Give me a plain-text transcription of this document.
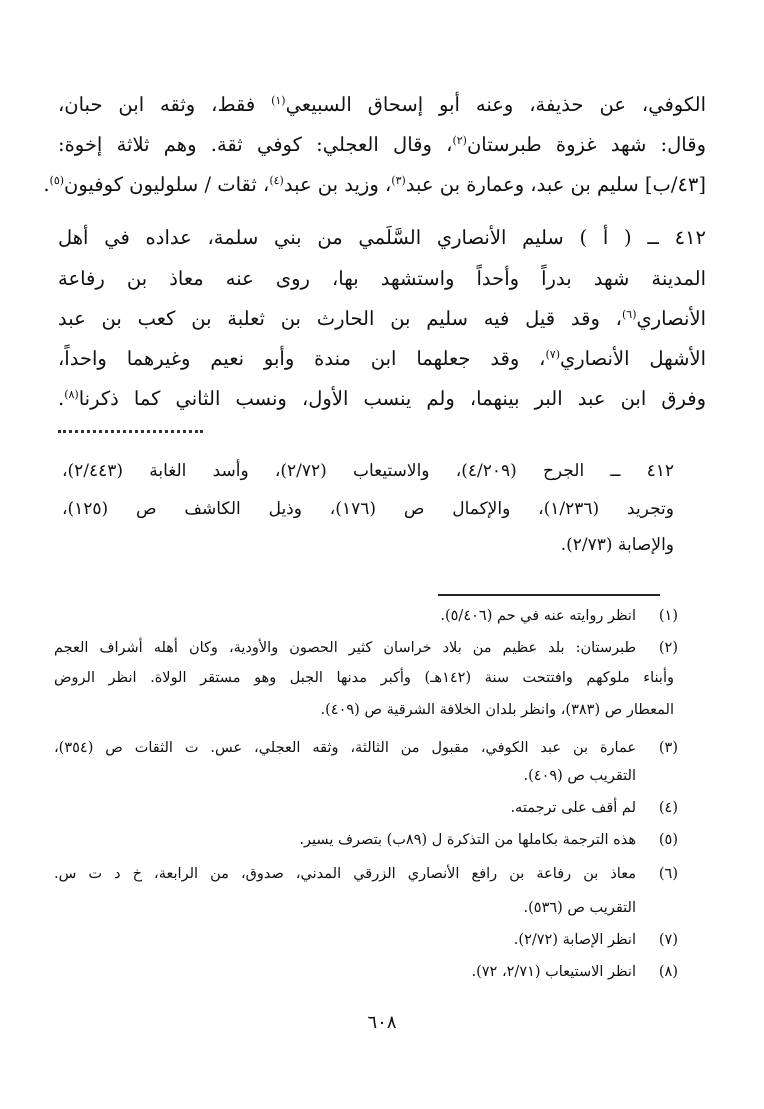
الكوفي، عن حذيفة، وعنه أبو إسحاق السبيعي$^{(١)}$ فقط، وثقه ابن حبان،
وقال: شهد غزوة طبرستان$^{(٢)}$، وقال العجلي: كوفي ثقة. وهم ثلاثة إخوة:
[٤٣/ب] سليم بن عبد، وعمارة بن عبد$^{(٣)}$، وزيد بن عبد$^{(٤)}$، ثقات / سلوليون كوفيون$^{(٥)}$.
٤١٢ ــ ( أ ) سليم الأنصاري السَّلَمي من بني سلمة، عداده في أهل
المدينة شهد بدراً وأحداً واستشهد بها، روى عنه معاذ بن رفاعة
الأنصاري$^{(٦)}$، وقد قيل فيه سليم بن الحارث بن ثعلبة بن كعب بن عبد
الأشهل الأنصاري$^{(٧)}$، وقد جعلهما ابن مندة وأبو نعيم وغيرهما واحداً،
وفرق ابن عبد البر بينهما، ولم ينسب الأول، ونسب الثاني كما ذكرنا$^{(٨)}$.
٤١٢ ــ الجرح (٤/٢٠٩)، والاستيعاب (٢/٧٢)، وأسد الغابة (٢/٤٤٣)،
وتجريد (١/٢٣٦)، والإكمال ص (١٧٦)، وذيل الكاشف ص (١٢٥)،
والإصابة (٢/٧٣).
(١)
انظر روايته عنه في حم (٥/٤٠٦).
(٢)
طبرستان: بلد عظيم من بلاد خراسان كثير الحصون والأودية، وكان أهله أشراف العجم
وأبناء ملوكهم وافتتحت سنة (١٤٢هـ) وأكبر مدنها الجبل وهو مستقر الولاة. انظر الروض
المعطار ص (٣٨٣)، وانظر بلدان الخلافة الشرقية ص (٤٠٩).
(٣)
عمارة بن عبد الكوفي، مقبول من الثالثة، وثقه العجلي، عس. ت الثقات ص (٣٥٤)،
التقريب ص (٤٠٩).
(٤)
لم أقف على ترجمته.
(٥)
هذه الترجمة بكاملها من التذكرة ل (٨٩ب) بتصرف يسير.
(٦)
معاذ بن رفاعة بن رافع الأنصاري الزرقي المدني، صدوق، من الرابعة، خ د ت س.
التقريب ص (٥٣٦).
(٧)
انظر الإصابة (٢/٧٢).
(٨)
انظر الاستيعاب (٢/٧١، ٧٢).
٦٠٨
